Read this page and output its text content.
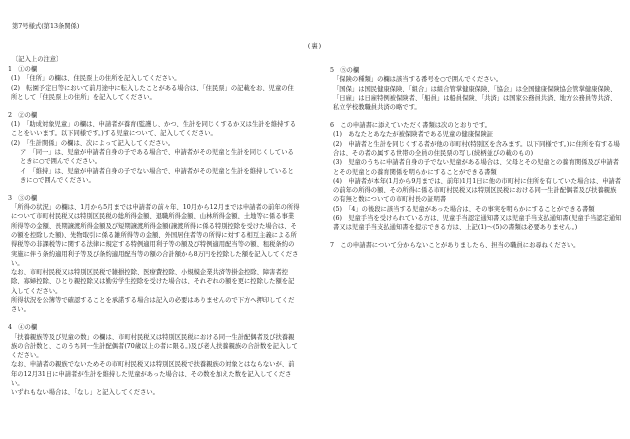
第7号様式(第13条関係)
(裏)
〔記入上の注意〕
1　①の欄
(1)　「住所」の欄は、住民票上の住所を記入してください。
(2)　転園予定日等において前月途中に転入したことがある場合は、「住民票」の記載をお、児童の住所として「住民票上の住所」を記入してください。
2　②の欄
(1)　「助成対象児童」の欄は、申請者が養育(監護し、かつ、生計を同じくするか又は生計を維持することをいいます。以下同様です。)する児童について、記入してください。
(2)　「生計関係」の欄は、次によって記入してください。
ア　「同一」は、児童が申請者自身の子である場合で、申請者がその児童と生計を同じくしているときに○で囲んでください。
イ　「維持」は、児童が申請者自身の子でない場合で、申請者がその児童と生計を維持しているときに○で囲んでください。
3　③の欄
「所得の状況」の欄は、1月から5月までは申請者の前々年、10月から12月までは申請者の前年の所得について市町村民税又は特別区民税の総所得金額、退職所得金額、山林所得金額、土地等に係る事業所得等の金額、長期譲渡所得金額及び短期譲渡所得金額(譲渡所得に係る特別控除を受けた場合は、その額を控除した額)、先物取引に係る雑所得等の金額、外国居住者等の所得に対する相互主義による所得税等の非課税等に関する法律に規定する特例適用利子等の額及び特例適用配当等の額、租税条約の実施に伴う条約適用利子等及び条約適用配当等の額の合計額から8万円を控除した額を記入してください。
なお、市町村民税又は特別区民税で雑損控除、医療費控除、小規模企業共済等掛金控除、障害者控除、寡婦控除、ひとり親控除又は勤労学生控除を受けた場合は、それぞれの額を更に控除した額を記入してください。
所得状況を公簿等で確認することを承諾する場合は記入の必要はありませんので下方へ押印してください。
4　④の欄
「扶養親族等及び児童の数」の欄は、市町村民税又は特別区民税における同一生計配偶者及び扶養親族の合計数と、このうち同一生計配偶者(70歳以上の者に限る。)及び老人扶養親族の合計数を記入してください。
なお、申請者の親族でないためその市町村民税又は特別区民税で扶養親族の対象とはならないが、前年の12月31日に申請者が生計を維持した児童があった場合は、その数を加えた数を記入してください。
いずれもない場合は、「なし」と記入してください。
5　⑤の欄
「保険の種類」の欄は該当する番号を○で囲んでください。
「国保」は国民健康保険、「組合」は組合管掌健康保険、「協会」は全国健康保険協会管掌健康保険、「日雇」は日雇特例被保険者、「船員」は船員保険、「共済」は国家公務員共済、地方公務員等共済、私立学校教職員共済の略です。
6　この申請書に添えていただく書類は次のとおりです。
(1)　あなたとあなたが被保険者である児童の健康保険証
(2)　申請者と生計を同じくする者が他の市町村(特別区を含みます。以下同様です。)に住所を有する場合は、その者の属する世帯の全員の住民票の写し(続柄並びの載のもの)
(3)　児童のうちに申請者自身の子でない児童がある場合は、父母とその児童との養育関係及び申請者とその児童との養育関係を明らかにすることができる書類
(4)　申請者が本年(1月から9月までは、前年)1月1日に他の市町村に住所を有していた場合は、申請者の前年の所得の額、その所得に係る市町村民税又は特別区民税における同一生計配偶者及び扶養親族の有無と数についての市町村長の証明書
(5)　「4」の後段に該当する児童があった場合は、その事実を明らかにすることができる書類
(6)　児童手当を受けられている方は、児童手当認定通知書又は児童手当支払通知書(児童手当認定通知書又は児童手当支払通知書を提示できる方は、上記(1)〜(5)の書類は必要ありません。)
7　この申請書について分からないことがありましたら、担当の職員にお尋ねください。
